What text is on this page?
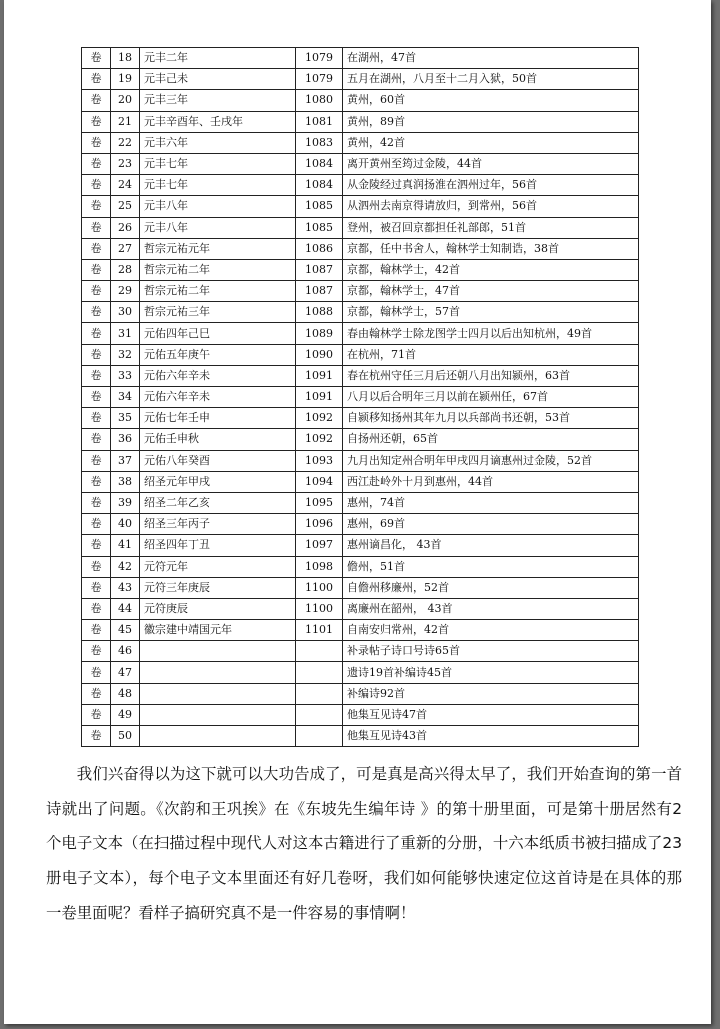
卷	18	元丰二年	1079	在湖州，47首
卷	19	元丰己未	1079	五月在湖州，八月至十二月入狱，50首
卷	20	元丰三年	1080	黄州，60首
卷	21	元丰辛酉年、壬戌年	1081	黄州，89首
卷	22	元丰六年	1083	黄州，42首
卷	23	元丰七年	1084	离开黄州至筠过金陵，44首
卷	24	元丰七年	1084	从金陵经过真润扬淮在泗州过年，56首
卷	25	元丰八年	1085	从泗州去南京得请放归，到常州，56首
卷	26	元丰八年	1085	登州，被召回京都担任礼部郎，51首
卷	27	哲宗元祐元年	1086	京都，任中书舍人，翰林学士知制诰，38首
卷	28	哲宗元祐二年	1087	京都，翰林学士，42首
卷	29	哲宗元祐二年	1087	京都，翰林学士，47首
卷	30	哲宗元祐三年	1088	京都，翰林学士，57首
卷	31	元佑四年己巳	1089	春由翰林学士除龙图学士四月以后出知杭州，49首
卷	32	元佑五年庚午	1090	在杭州，71首
卷	33	元佑六年辛未	1091	春在杭州守任三月后还朝八月出知颍州，63首
卷	34	元佑六年辛未	1091	八月以后合明年三月以前在颍州任，67首
卷	35	元佑七年壬申	1092	自颍移知扬州其年九月以兵部尚书还朝，53首
卷	36	元佑壬申秋	1092	自扬州还朝，65首
卷	37	元佑八年癸酉	1093	九月出知定州合明年甲戌四月谪惠州过金陵，52首
卷	38	绍圣元年甲戌	1094	西江赴岭外十月到惠州，44首
卷	39	绍圣二年乙亥	1095	惠州，74首
卷	40	绍圣三年丙子	1096	惠州，69首
卷	41	绍圣四年丁丑	1097	惠州谪昌化， 43首
卷	42	元符元年	1098	儋州，51首
卷	43	元符三年庚辰	1100	自儋州移廉州，52首
卷	44	元符庚辰	1100	离廉州在韶州， 43首
卷	45	徽宗建中靖国元年	1101	自南安归常州，42首
卷	46			补录帖子诗口号诗65首
卷	47			遗诗19首补编诗45首
卷	48			补编诗92首
卷	49			他集互见诗47首
卷	50			他集互见诗43首

我们兴奋得以为这下就可以大功告成了，可是真是高兴得太早了，我们开始查询的第一首诗就出了问题。《次韵和王巩挨》在《东坡先生编年诗 》的第十册里面，可是第十册居然有2个电子文本（在扫描过程中现代人对这本古籍进行了重新的分册，十六本纸质书被扫描成了23册电子文本），每个电子文本里面还有好几卷呀，我们如何能够快速定位这首诗是在具体的那一卷里面呢？看样子搞研究真不是一件容易的事情啊！
